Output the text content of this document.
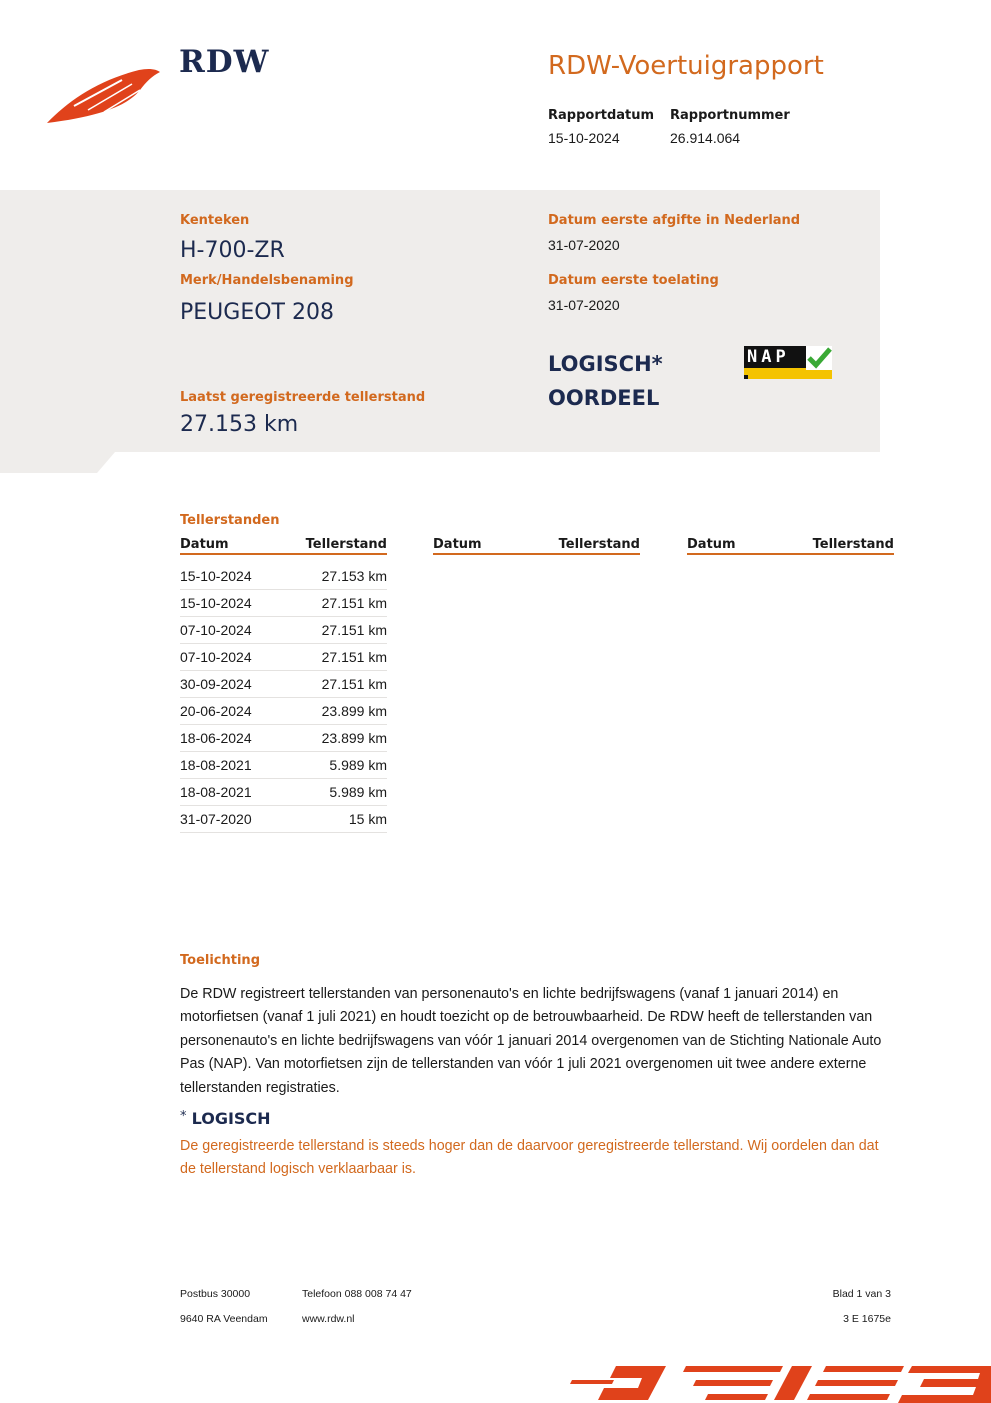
RDW	RDW-Voertuigrapport
Rapportdatum
15-10-2024
Rapportnummer
26.914.064
Kenteken
H-700-ZR
Merk/Handelsbenaming
PEUGEOT 208
Datum eerste afgifte in Nederland
31-07-2020
Datum eerste toelating
31-07-2020
LOGISCH*
OORDEEL
NAP
Laatst geregistreerde tellerstand
27.153 km
Tellerstanden
Datum	Tellerstand
15-10-2024	27.153 km
15-10-2024	27.151 km
07-10-2024	27.151 km
07-10-2024	27.151 km
30-09-2024	27.151 km
20-06-2024	23.899 km
18-06-2024	23.899 km
18-08-2021	5.989 km
18-08-2021	5.989 km
31-07-2020	15 km
Datum	Tellerstand	Datum	Tellerstand
Toelichting
De RDW registreert tellerstanden van personenauto's en lichte bedrijfswagens (vanaf 1 januari 2014) en motorfietsen (vanaf 1 juli 2021) en houdt toezicht op de betrouwbaarheid. De RDW heeft de tellerstanden van personenauto's en lichte bedrijfswagens van vóór 1 januari 2014 overgenomen van de Stichting Nationale Auto Pas (NAP). Van motorfietsen zijn de tellerstanden van vóór 1 juli 2021 overgenomen uit twee andere externe tellerstanden registraties.
* LOGISCH
De geregistreerde tellerstand is steeds hoger dan de daarvoor geregistreerde tellerstand. Wij oordelen dan dat de tellerstand logisch verklaarbaar is.
Postbus 30000
9640 RA Veendam
Telefoon 088 008 74 47
www.rdw.nl
Blad 1 van 3
3 E 1675e
